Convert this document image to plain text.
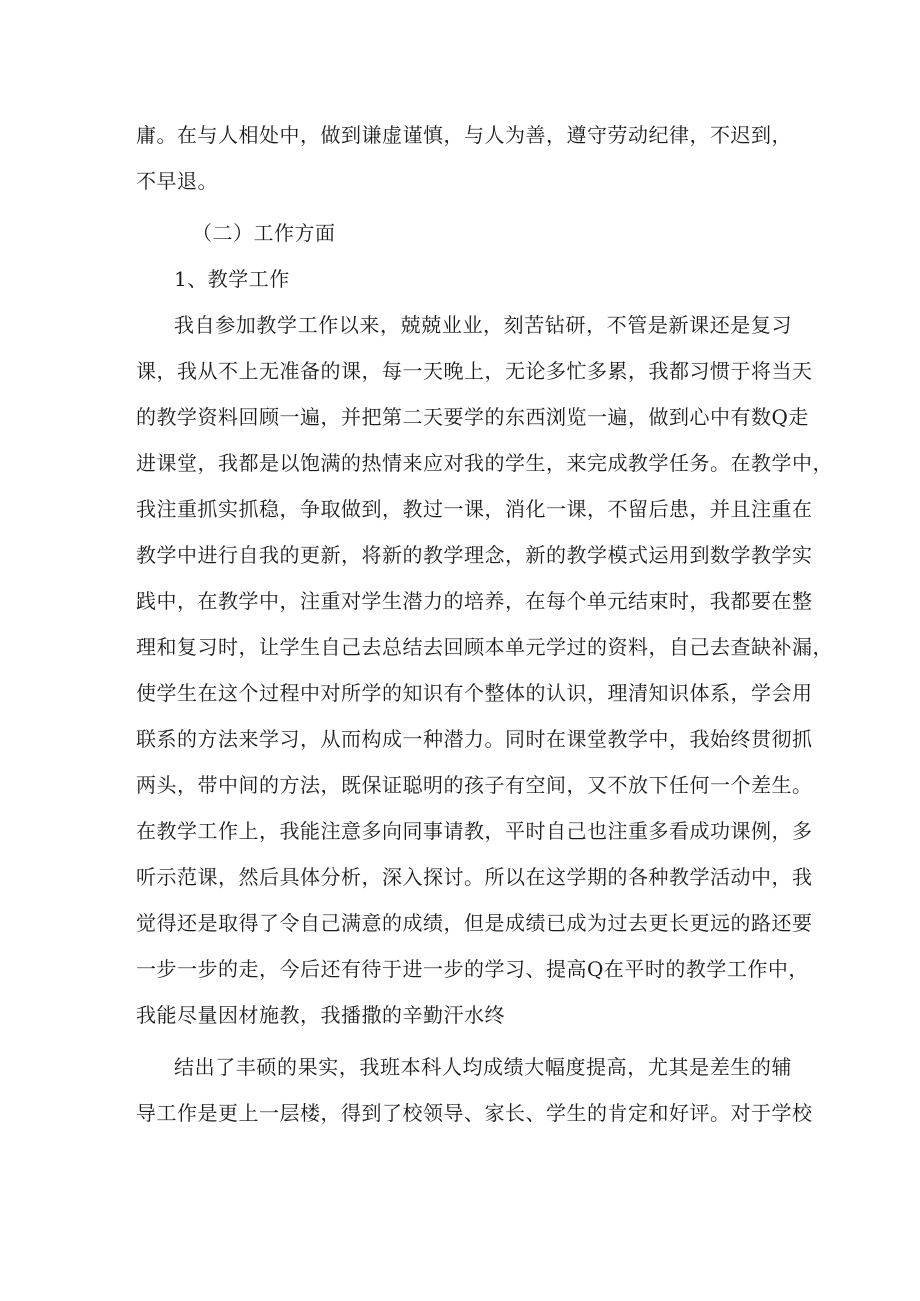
庸。在与人相处中，做到谦虚谨慎，与人为善，遵守劳动纪律，不迟到，
不早退。
（二）工作方面
1、教学工作
我自参加教学工作以来，兢兢业业，刻苦钻研，不管是新课还是复习
课，我从不上无准备的课，每一天晚上，无论多忙多累，我都习惯于将当天
的教学资料回顾一遍，并把第二天要学的东西浏览一遍，做到心中有数Q走
进课堂，我都是以饱满的热情来应对我的学生，来完成教学任务。在教学中，
我注重抓实抓稳，争取做到，教过一课，消化一课，不留后患，并且注重在
教学中进行自我的更新，将新的教学理念，新的教学模式运用到数学教学实
践中，在教学中，注重对学生潜力的培养，在每个单元结束时，我都要在整
理和复习时，让学生自己去总结去回顾本单元学过的资料，自己去查缺补漏，
使学生在这个过程中对所学的知识有个整体的认识，理清知识体系，学会用
联系的方法来学习，从而构成一种潜力。同时在课堂教学中，我始终贯彻抓
两头，带中间的方法，既保证聪明的孩子有空间，又不放下任何一个差生。
在教学工作上，我能注意多向同事请教，平时自己也注重多看成功课例，多
听示范课，然后具体分析，深入探讨。所以在这学期的各种教学活动中，我
觉得还是取得了令自己满意的成绩，但是成绩已成为过去更长更远的路还要
一步一步的走，今后还有待于进一步的学习、提高Q在平时的教学工作中，
我能尽量因材施教，我播撒的辛勤汗水终
结出了丰硕的果实，我班本科人均成绩大幅度提高，尤其是差生的辅
导工作是更上一层楼，得到了校领导、家长、学生的肯定和好评。对于学校
